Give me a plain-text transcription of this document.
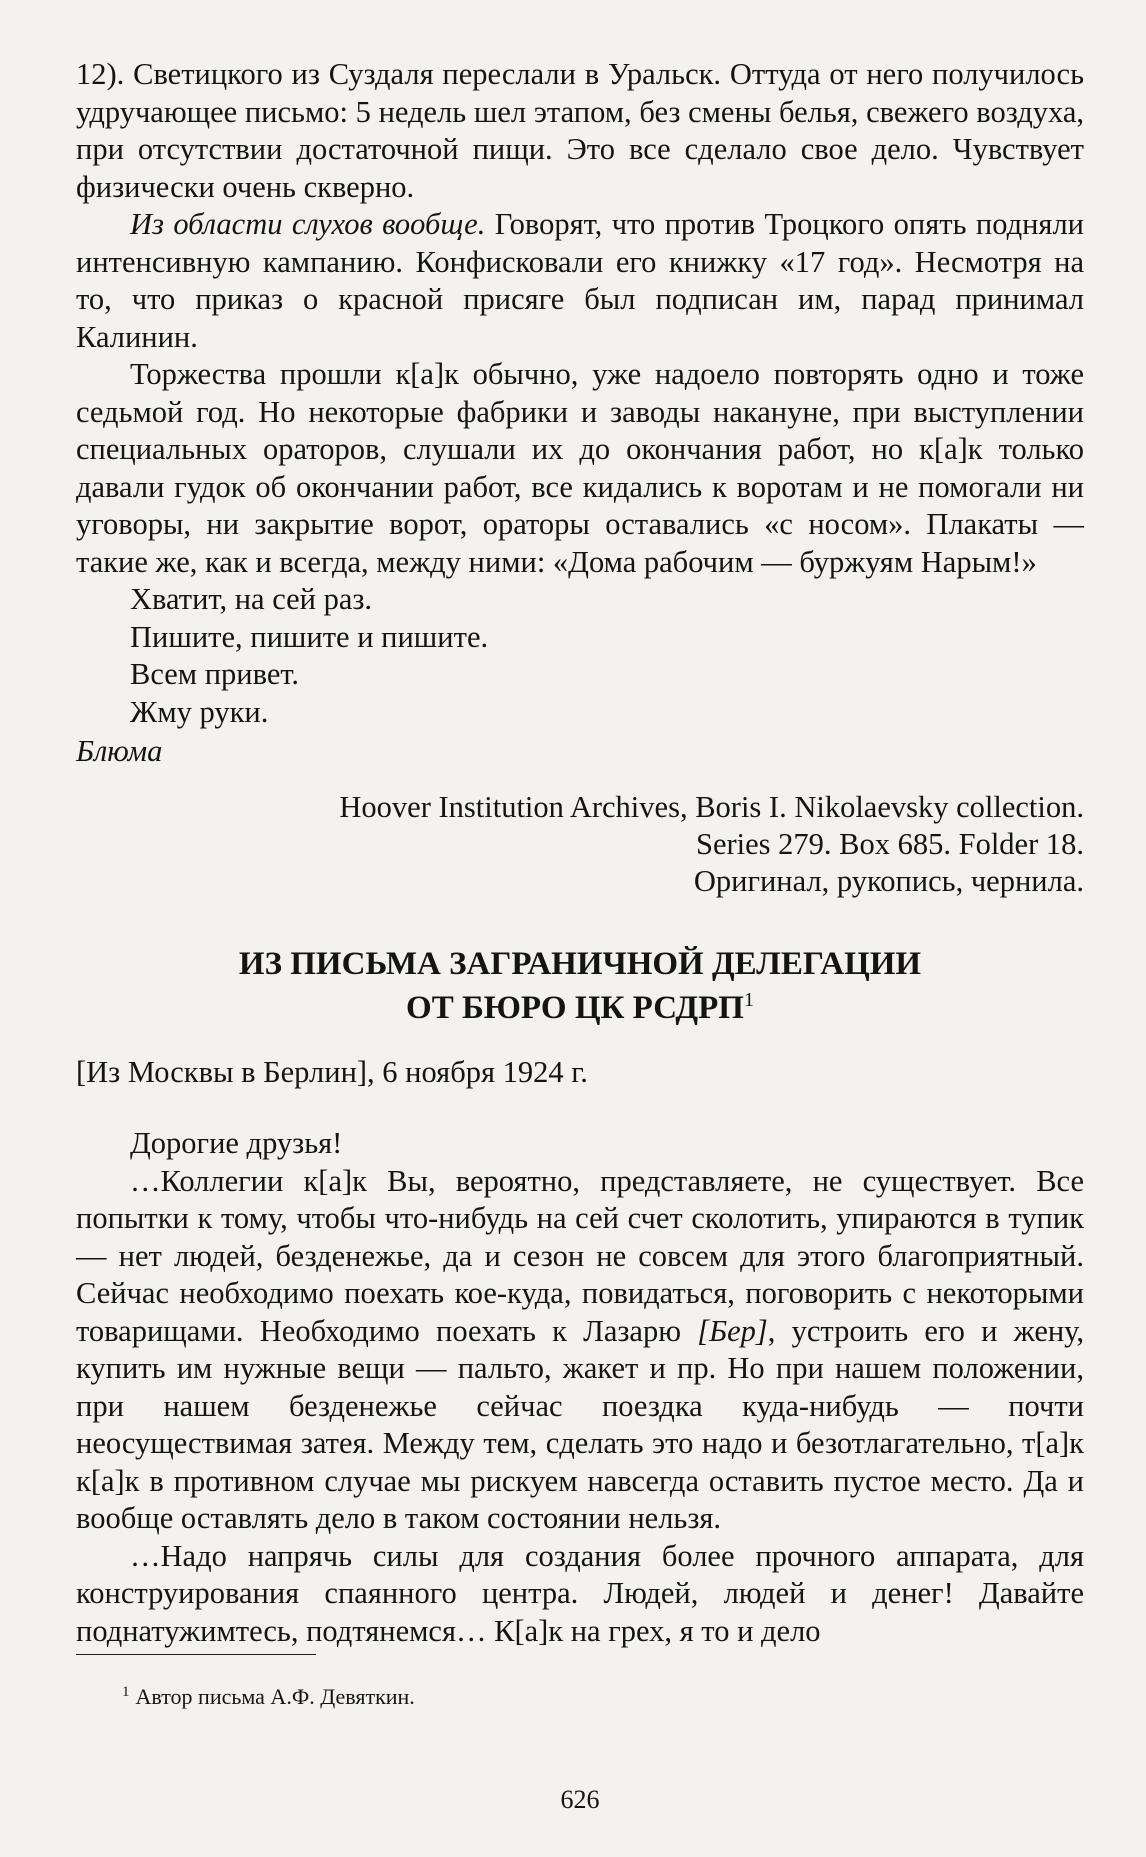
12). Светицкого из Суздаля переслали в Уральск. Оттуда от него получилось удручающее письмо: 5 недель шел этапом, без смены белья, свежего воздуха, при отсутствии достаточной пищи. Это все сделало свое дело. Чувствует физически очень скверно.

Из области слухов вообще. Говорят, что против Троцкого опять подняли интенсивную кампанию. Конфисковали его книжку «17 год». Несмотря на то, что приказ о красной присяге был подписан им, парад принимал Калинин.

Торжества прошли к[а]к обычно, уже надоело повторять одно и тоже седьмой год. Но некоторые фабрики и заводы накануне, при выступлении специальных ораторов, слушали их до окончания работ, но к[а]к только давали гудок об окончании работ, все кидались к воротам и не помогали ни уговоры, ни закрытие ворот, ораторы оставались «с носом». Плакаты — такие же, как и всегда, между ними: «Дома рабочим — буржуям Нарым!»

Хватит, на сей раз.

Пишите, пишите и пишите.

Всем привет.

Жму руки.

Блюма

Hoover Institution Archives, Boris I. Nikolaevsky collection.
Series 279. Box 685. Folder 18.
Оригинал, рукопись, чернила.
ИЗ ПИСЬМА ЗАГРАНИЧНОЙ ДЕЛЕГАЦИИ
ОТ БЮРО ЦК РСДРП$^1$

[Из Москвы в Берлин], 6 ноября 1924 г.

Дорогие друзья!

…Коллегии к[а]к Вы, вероятно, представляете, не существует. Все попытки к тому, чтобы что-нибудь на сей счет сколотить, упираются в тупик — нет людей, безденежье, да и сезон не совсем для этого благоприятный. Сейчас необходимо поехать кое-куда, повидаться, поговорить с некоторыми товарищами. Необходимо поехать к Лазарю [Бер], устроить его и жену, купить им нужные вещи — пальто, жакет и пр. Но при нашем положении, при нашем безденежье сейчас поездка куда-нибудь — почти неосуществимая затея. Между тем, сделать это надо и безотлагательно, т[а]к к[а]к в противном случае мы рискуем навсегда оставить пустое место. Да и вообще оставлять дело в таком состоянии нельзя.

…Надо напрячь силы для создания более прочного аппарата, для конструирования спаянного центра. Людей, людей и денег! Давайте поднатужимтесь, подтянемся… К[а]к на грех, я то и дело

$^1$ Автор письма А.Ф. Девяткин.
626
